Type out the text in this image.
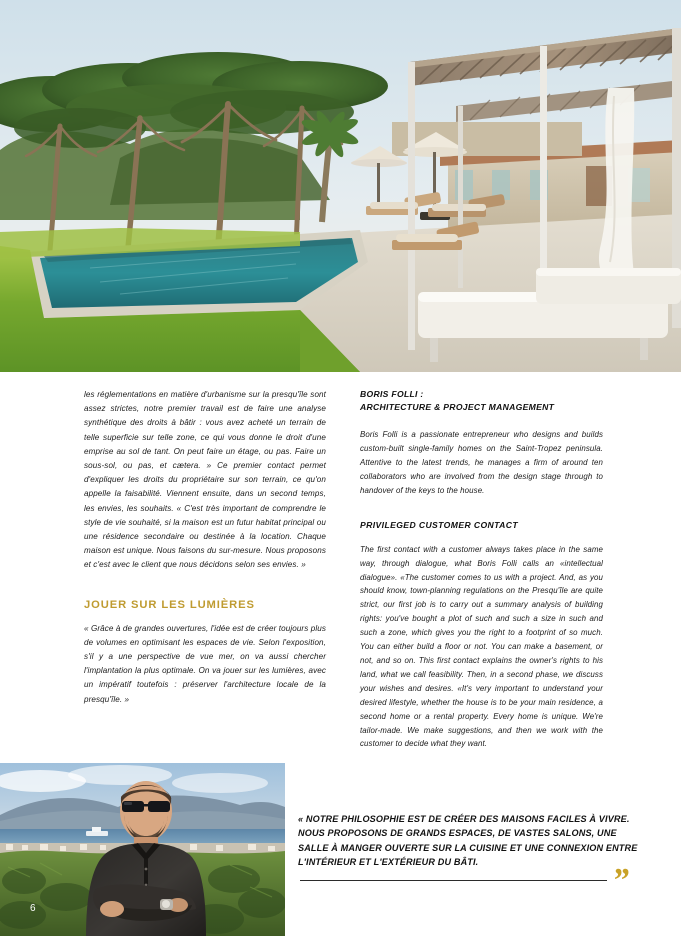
les réglementations en matière d'urbanisme sur la presqu'île sont assez strictes, notre premier travail est de faire une analyse synthétique des droits à bâtir : vous avez acheté un terrain de telle superficie sur telle zone, ce qui vous donne le droit d'une emprise au sol de tant. On peut faire un étage, ou pas. Faire un sous-sol, ou pas, et cætera. » Ce premier contact permet d'expliquer les droits du propriétaire sur son terrain, ce qu'on appelle la faisabilité. Viennent ensuite, dans un second temps, les envies, les souhaits. « C'est très important de comprendre le style de vie souhaité, si la maison est un futur habitat principal ou une résidence secondaire ou destinée à la location. Chaque maison est unique. Nous faisons du sur-mesure. Nous proposons et c'est avec le client que nous décidons selon ses envies. »

JOUER SUR LES LUMIÈRES

« Grâce à de grandes ouvertures, l'idée est de créer toujours plus de volumes en optimisant les espaces de vie. Selon l'exposition, s'il y a une perspective de vue mer, on va aussi chercher l'implantation la plus optimale. On va jouer sur les lumières, avec un impératif toutefois : préserver l'architecture locale de la presqu'île. »

BORIS FOLLI :
ARCHITECTURE & PROJECT MANAGEMENT

Boris Folli is a passionate entrepreneur who designs and builds custom-built single-family homes on the Saint-Tropez peninsula. Attentive to the latest trends, he manages a firm of around ten collaborators who are involved from the design stage through to handover of the keys to the house.

PRIVILEGED CUSTOMER CONTACT

The first contact with a customer always takes place in the same way, through dialogue, what Boris Folli calls an «intellectual dialogue». «The customer comes to us with a project. And, as you should know, town-planning regulations on the Presqu'île are quite strict, our first job is to carry out a summary analysis of building rights: you've bought a plot of such and such a size in such and such a zone, which gives you the right to a footprint of so much. You can either build a floor or not. You can make a basement, or not, and so on. This first contact explains the owner's rights to his land, what we call feasibility. Then, in a second phase, we discuss your wishes and desires. «It's very important to understand your desired lifestyle, whether the house is to be your main residence, a second home or a rental property. Every home is unique. We're tailor-made. We make suggestions, and then we work with the customer to decide what they want.

6

« NOTRE PHILOSOPHIE EST DE CRÉER DES MAISONS FACILES À VIVRE. NOUS PROPOSONS DE GRANDS ESPACES, DE VASTES SALONS, UNE SALLE À MANGER OUVERTE SUR LA CUISINE ET UNE CONNEXION ENTRE L'INTÉRIEUR ET L'EXTÉRIEUR DU BÂTI.	”
